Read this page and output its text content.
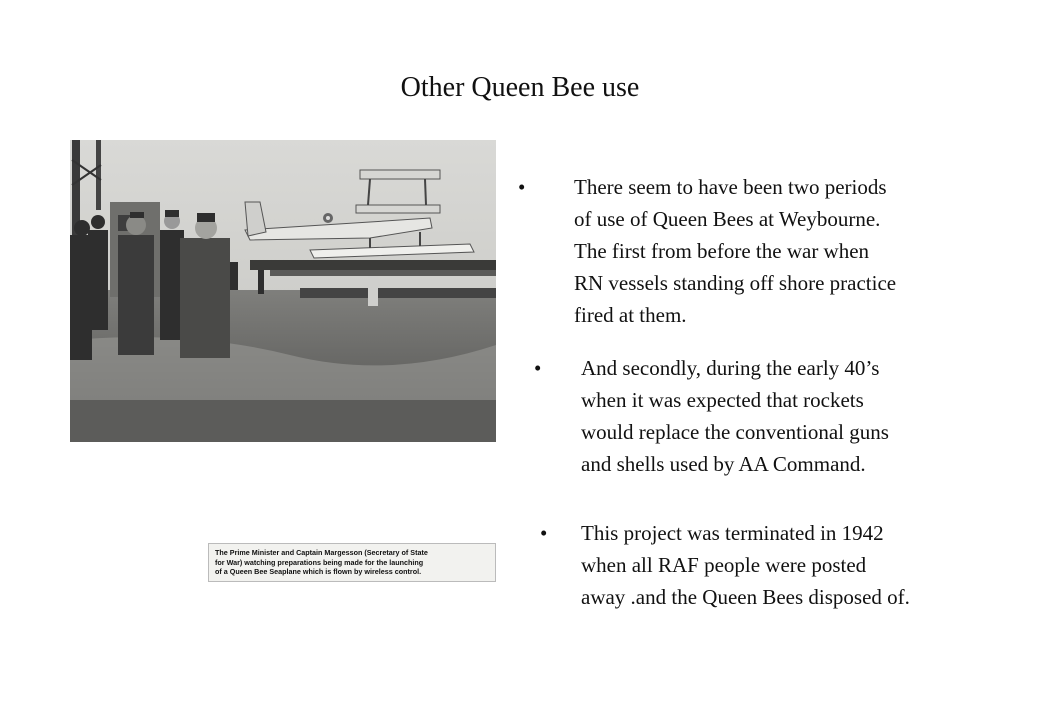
Other Queen Bee use
The Prime Minister and Captain Margesson (Secretary of State
for War) watching preparations being made for the launching
of a Queen Bee Seaplane which is flown by wireless control.
• There seem to have been two periods
of use of Queen Bees at Weybourne.
The first from before the war when
RN vessels standing off shore practice
fired at them.
• And secondly, during the early 40’s
when it was expected that rockets
would replace the conventional guns
and shells used by AA Command.
• This project was terminated in 1942
when all RAF people were posted
away .and the Queen Bees disposed of.
